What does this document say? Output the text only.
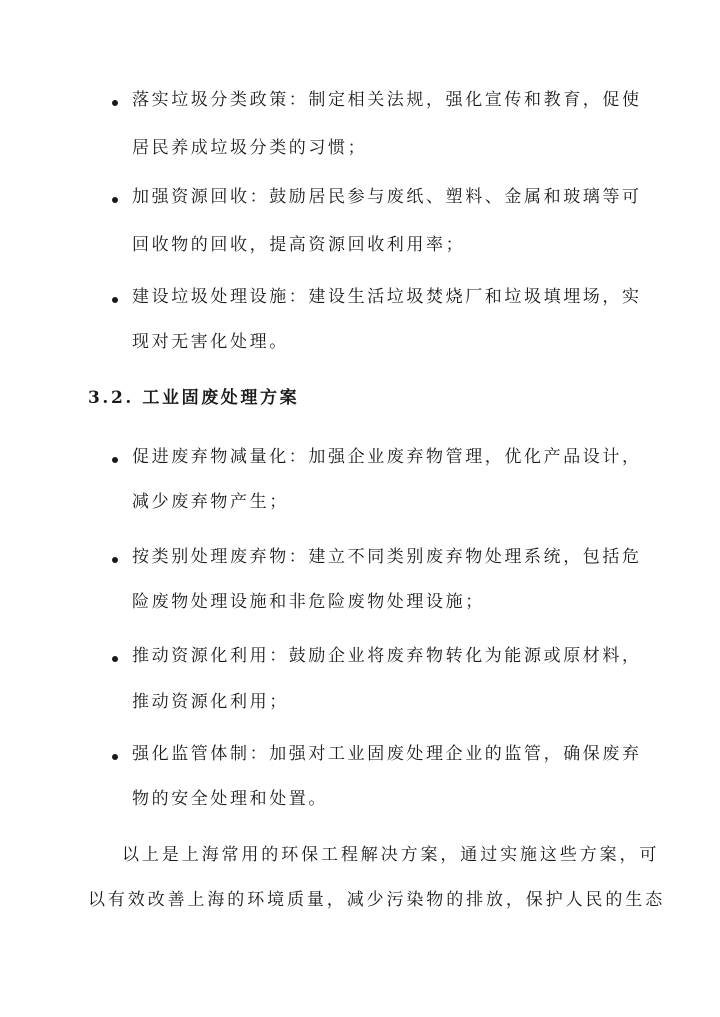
落实垃圾分类政策：制定相关法规，强化宣传和教育，促使
居民养成垃圾分类的习惯；
加强资源回收：鼓励居民参与废纸、塑料、金属和玻璃等可
回收物的回收，提高资源回收利用率；
建设垃圾处理设施：建设生活垃圾焚烧厂和垃圾填埋场，实
现对无害化处理。
3.2. 工业固废处理方案
促进废弃物减量化：加强企业废弃物管理，优化产品设计，
减少废弃物产生；
按类别处理废弃物：建立不同类别废弃物处理系统，包括危
险废物处理设施和非危险废物处理设施；
推动资源化利用：鼓励企业将废弃物转化为能源或原材料，
推动资源化利用；
强化监管体制：加强对工业固废处理企业的监管，确保废弃
物的安全处理和处置。
以上是上海常用的环保工程解决方案，通过实施这些方案，可
以有效改善上海的环境质量，减少污染物的排放，保护人民的生态
